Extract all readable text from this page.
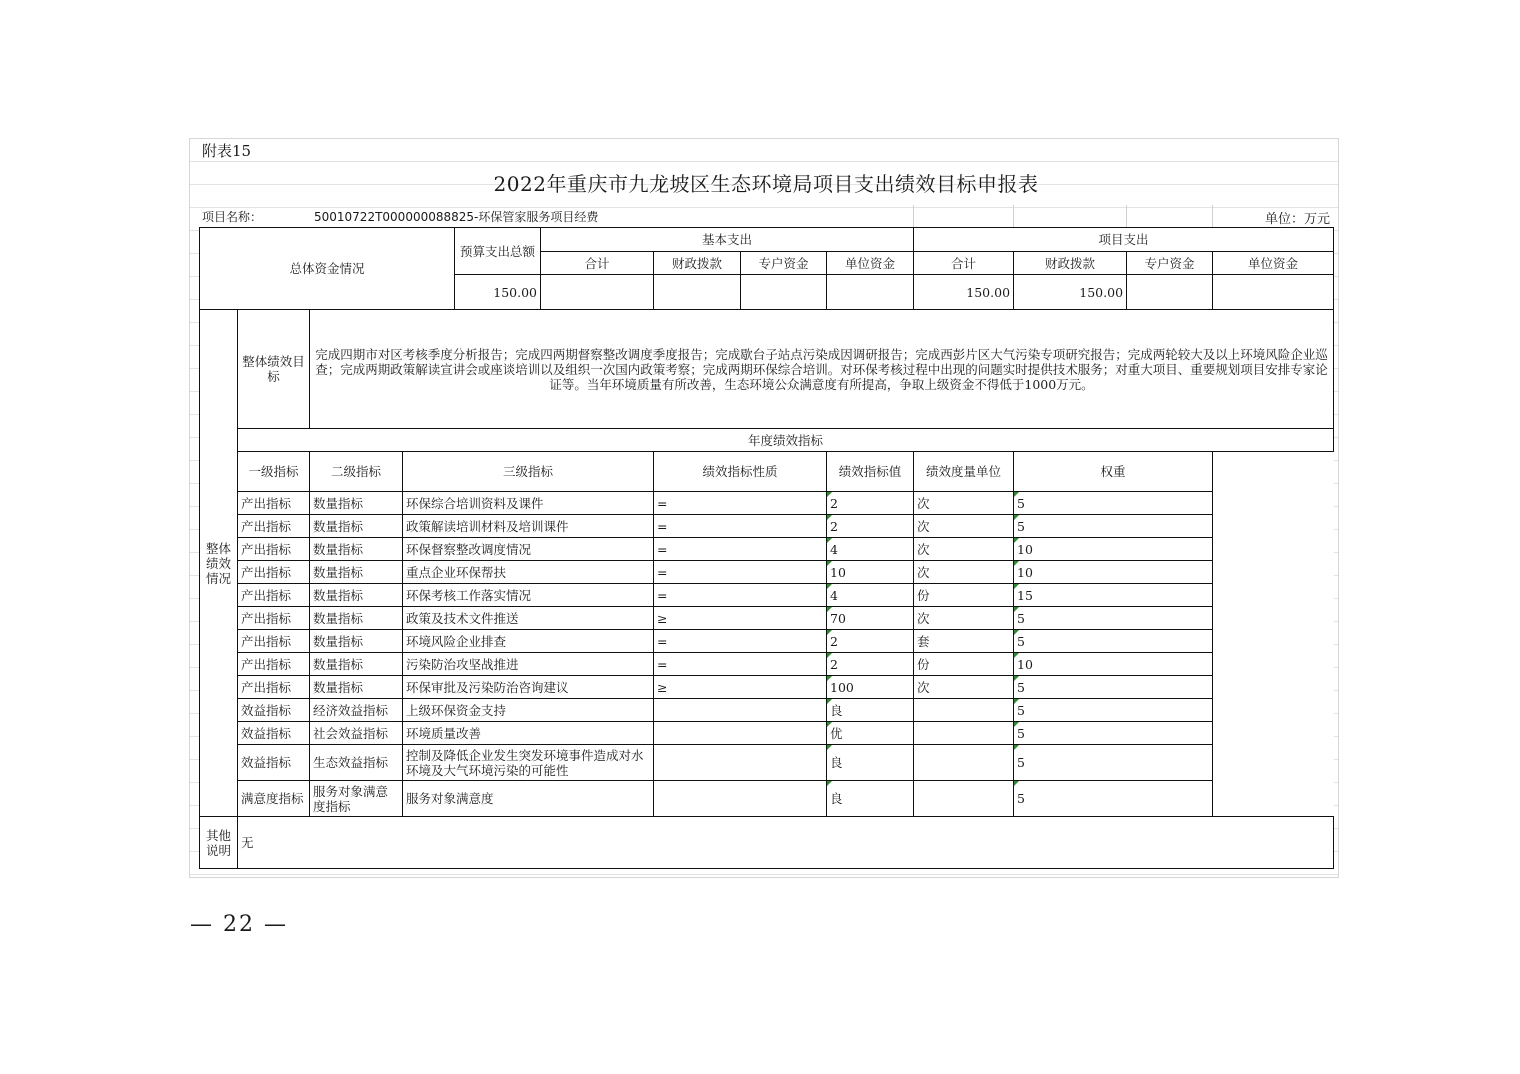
附表15
2022年重庆市九龙坡区生态环境局项目支出绩效目标申报表
项目名称：	50010722T000000088825-环保管家服务项目经费	单位：万元
总体资金情况				预算支出总额	基本支出				项目支出			
					合计	财政拨款	专户资金	单位资金	合计	财政拨款	专户资金	单位资金
				150.00					150.00	150.00		
整体绩效情况	整体绩效目标	完成四期市对区考核季度分析报告；完成四两期督察整改调度季度报告；完成歇台子站点污染成因调研报告；完成西彭片区大气污染专项研究报告；完成两轮较大及以上环境风险企业巡查；完成两期政策解读宣讲会或座谈培训以及组织一次国内政策考察；完成两期环保综合培训。对环保考核过程中出现的问题实时提供技术服务；对重大项目、重要规划项目安排专家论证等。当年环境质量有所改善，生态环境公众满意度有所提高，争取上级资金不得低于1000万元。										
	年度绩效指标											
	一级指标	二级指标	三级指标			绩效指标性质		绩效指标值	绩效度量单位	权重		
	产出指标	数量指标	环保综合培训资料及课件			=		2	次	5		
	产出指标	数量指标	政策解读培训材料及培训课件			=		2	次	5		
	产出指标	数量指标	环保督察整改调度情况			=		4	次	10		
	产出指标	数量指标	重点企业环保帮扶			=		10	次	10		
	产出指标	数量指标	环保考核工作落实情况			=		4	份	15		
	产出指标	数量指标	政策及技术文件推送			≥		70	次	5		
	产出指标	数量指标	环境风险企业排查			=		2	套	5		
	产出指标	数量指标	污染防治攻坚战推进			=		2	份	10		
	产出指标	数量指标	环保审批及污染防治咨询建议			≥		100	次	5		
	效益指标	经济效益指标	上级环保资金支持					良		5		
	效益指标	社会效益指标	环境质量改善					优		5		
	效益指标	生态效益指标	控制及降低企业发生突发环境事件造成对水环境及大气环境污染的可能性					良		5		
	满意度指标	服务对象满意度指标	服务对象满意度					良		5		
其他说明	无											
— 22 —
